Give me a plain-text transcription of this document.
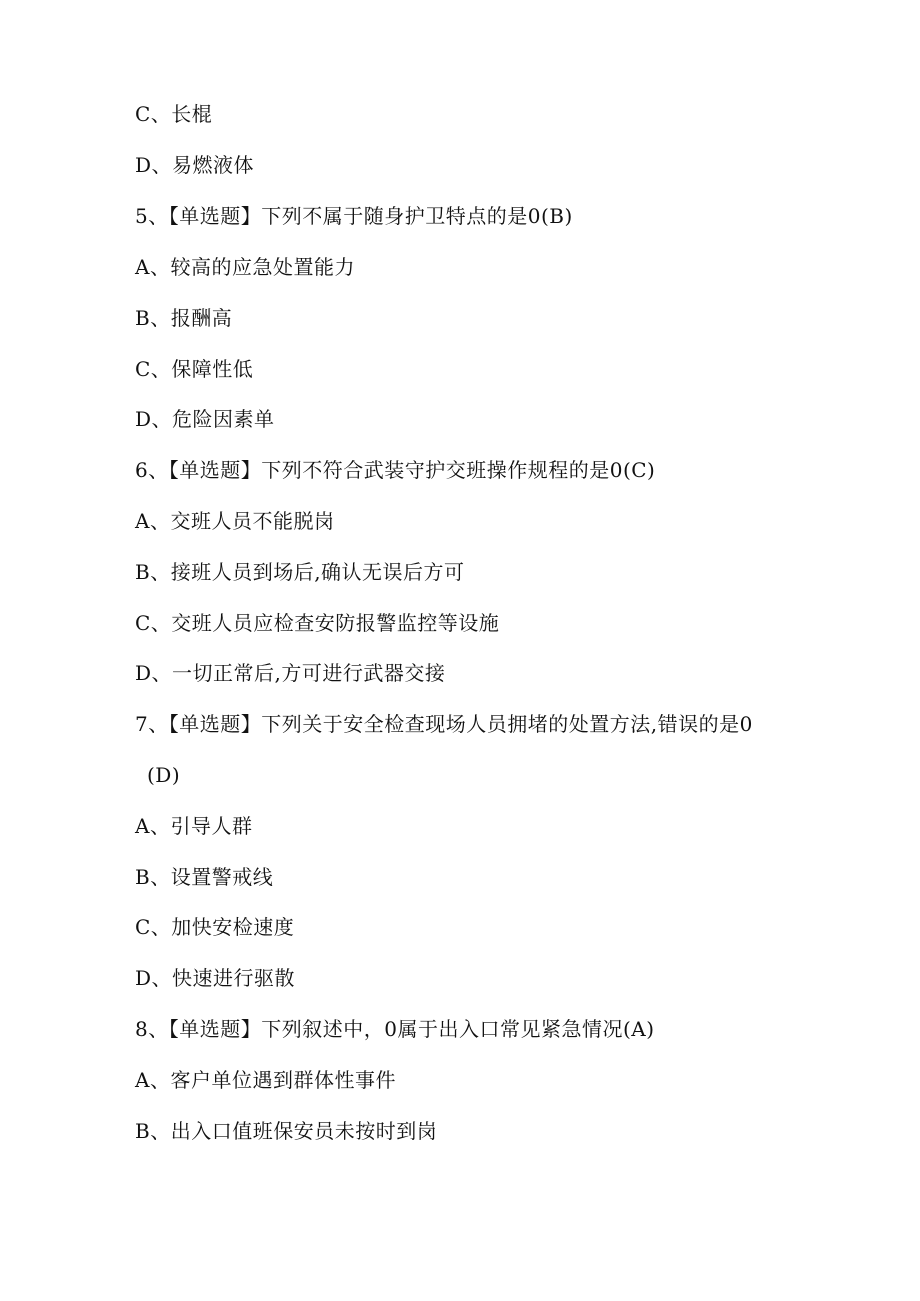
C、长棍
D、易燃液体
5、【单选题】下列不属于随身护卫特点的是0(B)
A、较高的应急处置能力
B、报酬高
C、保障性低
D、危险因素单
6、【单选题】下列不符合武装守护交班操作规程的是0(C)
A、交班人员不能脱岗
B、接班人员到场后,确认无误后方可
C、交班人员应检查安防报警监控等设施
D、一切正常后,方可进行武器交接
7、【单选题】下列关于安全检查现场人员拥堵的处置方法,错误的是0
(D)
A、引导人群
B、设置警戒线
C、加快安检速度
D、快速进行驱散
8、【单选题】下列叙述中，0属于出入口常见紧急情况(A)
A、客户单位遇到群体性事件
B、出入口值班保安员未按时到岗
